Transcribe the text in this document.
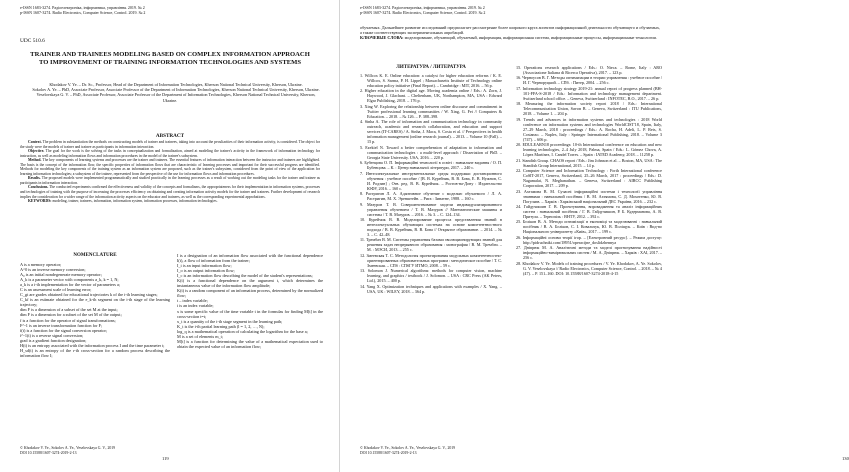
e-ISSN 1683-3274. Радіоелектроніка, інформатика, управління. 2019. № 2
p-ISSN 1607-3274. Radio Electronics, Computer Science, Control. 2019. № 2
UDC 510.6
TRAINER AND TRAINEES MODELING BASED ON COMPLEX INFORMATION APPROACH TO IMPROVEMENT OF TRAINING INFORMATION TECHNOLOGIES AND SYSTEMS

Khodakov V. Ye. – Dr. Sc., Professor, Head of the Department of Information Technologies, Kherson National Technical University, Kherson, Ukraine.

Sokolov A. Ye. – PhD, Associate Professor, Associate Professor of the Department of Information Technologies, Kherson National Technical University, Kherson, Ukraine.

Veselovskaya G. V. – PhD, Associate Professor, Associate Professor of the Department of Information Technologies, Kherson National Technical University, Kherson, Ukraine.

ABSTRACT

Context. The problem in substantiation the methods on constructing models of trainer and trainees, taking into account the peculiarities of their information activity, is considered. The object for the study were the models of trainer and trainee as participants in information interaction.

Objective. The goal for the work is the solving of the tasks in conceptualization and formalization, aimed at modeling the trainer's activity in the framework of information technology for instruction, as well as modeling information flows and information procedures in the model of the trainee's subsystem.

Method. The key components of learning systems and processes are the trainer and trainees. The essential features of information interaction between the instructor and trainees are highlighted. The basis is the concept of the information flow, the specific properties of information flows that are characteristic of learning processes and important for their successful progress are identified. Methods for modeling the key components of the training system as an information system are proposed, such as the trainer's subsystem, considered from the point of view of the application for learning information technologies; a subsystem of the trainee, represented from the perspective of the use for information flows and information procedures.

Results. The proposed models were implemented programmatically and studied practically in the learning processes as a result of working out the modeling tasks for the trainer and trainee as participants in information interaction.

Conclusions. The conducted experiments confirmed the effectiveness and validity of the concepts and formalisms, the appropriateness for their implementation in information systems, processes and technologies of training with the purpose of increasing the processes efficiency on obtaining and creating information activity models for the trainer and trainees. Further development of research implies the consideration for a wider range of the information activity aspects on the educator and trainees, as well as the corresponding experimental approbations.

KEYWORDS: modeling, trainer, trainees, information, information system, information processes, information technologies.

NOMENCLATURE

A is a memory operator;

A^0 is an inverse memory conversion;

A₀ is an initial nondegenerate memory operator;

A_k is a parameter vector with components a_k, k = 1, N;

a_k is a i-th implementation for the vector of parameters a;

C is an assessment scale of learning error;

C_gt are grades obtained for educational trajectories k of the i-th learning stages;

C_kf is an estimate obtained for the e_k-th segment on the i-th stage of the learning trajectory;

dim F is a dimension of a subset of the set M at the input;

dim F is a dimension for a subset of the set M of the output;

f is a function for the operator of signal transformations;

F^-1 is an inverse transformation function for F;

f(t) is a function for the signal conversion operator;

f^-1(t) is a reverse signal conversion;

grad is a gradient function designation;

H(t) is an entropy associated with the information process I and the time parameter t;

H_sd(t) is an entropy of the r-th cross-section for a random process describing the information flow I;

I is a designation of an information flow associated with the functional dependence I(t), a flow of information from the trainer;

I_i is an input information flow;

I_o is an output information flow;

I_c is an information flow describing the model of the student's representations;

K(t) is a functional dependence on the argument t, which determines the instantaneous value of the information flow amplitude;

K(t) is a random component of an information process, determined by the normalized flow;

t – index variable;

i is an index variable;

x is some specific value of the time variable t in the formulas for finding M[t] in the cross-section t=t;

x_t is a quantity of the i-th stage segment in the learning path;

K_t is the i-th partial learning path (l = 1, 2, …, N);

log_q is a mathematical operation of calculating the logarithm for the base a;

M is a set of elements m_t;

M[t] is a function for determining the value of a mathematical expectation used to obtain the expected value of an information flow;

© Khodakov V. Ye., Sokolov A. Ye., Veselovskaya G. V., 2019
DOI 10.15588/1607-3274-2019-2-13
119
e-ISSN 1683-3274. Радіоелектроніка, інформатика, управління. 2019. № 2
p-ISSN 1607-3274. Radio Electronics, Computer Science, Control. 2019. № 2

обучаемых. Дальнейшее развитие исследований предполагает рассмотрение более широкого круга аспектов информационной деятельности обучающего и обучаемых, а также соответствующих экспериментальных апробаций.

КЛЮЧЕВЫЕ СЛОВА: моделирование, обучающий, обучаемый, информация, информационная система, информационные процессы, информационные технологии.

ЛИТЕРАТУРА / ЛИТЕРАТУРА

1. Willcox K. E. Online education: a catalyst for higher education reforms / K. E. Willcox, S. Sarma, P. H. Lippel ; Massachusetts Institute of Technology online education policy initiative (Final Report). – Cambridge : MIT, 2016. – 56 p.

2. Higher education in the digital age. Moving academia online / Eds.: A. Zorn, J. Haywood, J. Glachant. – Cheltenham, UK, Northampton, MA, USA : Edward Elgar Publishing, 2018. – 176 p.

3. Xing W. Exploring the relationship between online discourse and commitment in Twitter professional learning communities / W. Xing, G. Fei // Computers & Education. – 2018. – № 126. – P. 388–398.

4. Sinha A. The role of information and communication technology in community outreach, academic and research collaboration, and education and support services (IT-CARES) / A. Sinha, J. Maca, S. Costa et al. // Perspectives in health information management (online research journal). – 2013. – Volume 10 (Fall). – 15 p.

5. Ezekiel N. Toward a better comprehension of adaptation to information and communication technologies : a multi-level approach / Dissertation of PhD. – Georgia State University. USA, 2016. – 220 p.

6. Бубенцова О. П. Інформаційні технології в освіті : навчальне видання / О. П. Бубенцова. – К. : Центр навчальної літератури, 2017. – 240 с.

7. Интеллектуальные инструментальные среды поддержки дистанционного обучения : учебное пособие / [В. В. Курейчик, В. В. Бова, Е. В. Нужнов, С. И. Родзин] ; Отв. ред. В. В. Курейчик. – Ростов-на-Дону : Издательство ЮФУ, 2016. – 160 с.

8. Растригин Л. А. Адаптивное обучение с моделью обучаемого / Л. А. Растригин, М. Х. Эренштейн. – Рига : Зинатне, 1988. – 160 с.

9. Мазуров Т. В. Совершенствование модели индивидуализированного управления обучением / Т. В. Мазуров // Математические машины и системы / Т. В. Мазуров. – 2016. – № 3. – С. 124–134.

10. Курейчик В. В. Моделирование процесса представления знаний в интеллектуальных обучающих системах на основе компетентностного подхода / В. В. Курейчик, В. В. Бова // Открытое образование. – 2014. – № 3. – С. 42–48.

11. Трембач В. М. Системы управления базами эволюционирующих знаний для решения задач непрерывного образования : монография / В. М. Трембач. – М. : МЭСИ, 2013. – 255 с.

12. Змеевская Т. С. Методология проектирования модульных компетентностно-ориентированных образовательных программ : методическое пособие / Т. С. Змеевская. – СПб : СПбГУ ИТМО, 2008. – 59 с.

13. Solomon J. Numerical algorithms: methods for computer vision, machine learning, and graphics / textbook / J. Solomon. – USA : CRC Press (AK Peters, Ltd.), 2015. – 400 p.

14. Yang X. Optimization techniques and applications with examples / X. Yang. – USA, UK : WILEY, 2018. – 364 p.

15. Operations research applications / Eds.: O. Nieca. – Rome, Italy : ARO (Associazione Italiana di Ricerca Operativa), 2017. – 123 p.

16. Черноусов В. Г. Методы оптимизации в теории управления : учебное пособие / И. Г. Черноруцкий. – СПб. : Питер, 2004. – 256 с.

17. Information technology strategy 2019-21: annual report of progress planned (BH-101-FFA-S-2018 / Eds.: Information and technology management department. Switzerland school office. – Geneva, Switzerland : INFOTEC, B.O., 2017. – 26 p.

18. Measuring the information society report 2018 / Eds.: International Telecommunication Union, Savon B. – Geneva, Switzerland : ITU Publications, 2018. – Volume 1. – 204 p.

19. Trends and advances in information systems and technologies : 2018 World conference on information systems and technologies WorldCIST'18, Spain, Italy, 27–29 March, 2018 : proceedings / Eds.: A. Rocha, H. Adeli, L. P. Reis, S. Costanzo. – Naples, Italy : Springer International Publishing, 2018. – Volume 3 (747). – 606 p.

20. EDULEARN18 proceedings: 10-th International conference on education and new learning technologies, 2–4 July 2018, Palma, Spain / Eds.: L. Gómez Chova, A. López Martínez, I. Candel Torres. – Spain : IATED Academy, 2018. – 11258 p.

21. Standish Group. CHAOS report / Eds.: Jim Johnson et al. – Boston, MA, USA : The Standish Group International, 2015. – 14 p.

22. Computer Science and Information Technology : Forth International conference CoSIT-2017, Geneva, Switzerland, 25–26 March, 2017 : proceedings / Eds.: D. Nagamalai, N. Meghanathan. – Geneva, Switzerland : AIRCC Publishing Corporation, 2017. – 209 p.

23. Ахтамова В. М. Сучасні інформаційні системи і технології управління знаннями : навчальний посібник / В. М. Ахтямова, С. Д. Мохотенко, Ю. В. Погуляєв. – Харків : Харківський національний ДЕС України, 2016. – 232 с.

24. Гайдучишин Г. В. Проектування, впровадження та аналіз інформаційних систем : навчальний посібник / Г. В. Гайдучишин, Р. Б. Кудерманова, А. В. Притула. – Тернопіль : ВНТУ, 2012. – 392 с.

25. Бєліков В. А. Методи оптимізації в економіці та моделюванні : навчальний посібник / В. А. Бєліков, С. І. Ковальчук, Ю. В. Поліщук. – Київ : Вид-во Національного університету «Київ», 2017. – 199 с.

26. Інформаційні основи теорії ігор. – [Електронний ресурс]. – Режим доступу: http://pidruchniki.com/18951/operacijne_doslidzhennya

27. Дніпрюк М. А. Аналітичні методи та моделі прогнозування надійності інформаційно-вимірювальних систем / М. А. Дніпрюк. – Харків : ХАІ, 2017. – 256 с.

28. Khodakov V. Ye. Models of training procedures / V. Ye. Khodakov, A. Ye. Sokolov, G. V. Veselovskaya // Radio Electronics, Computer Science, Control. – 2018. – № 4 (47). – P. 151–160. DOI: 10.15588/1607-3274-2018-4-15

© Khodakov V. Ye., Sokolov A. Ye., Veselovskaya G. V., 2019
DOI 10.15588/1607-3274-2019-2-13
130
